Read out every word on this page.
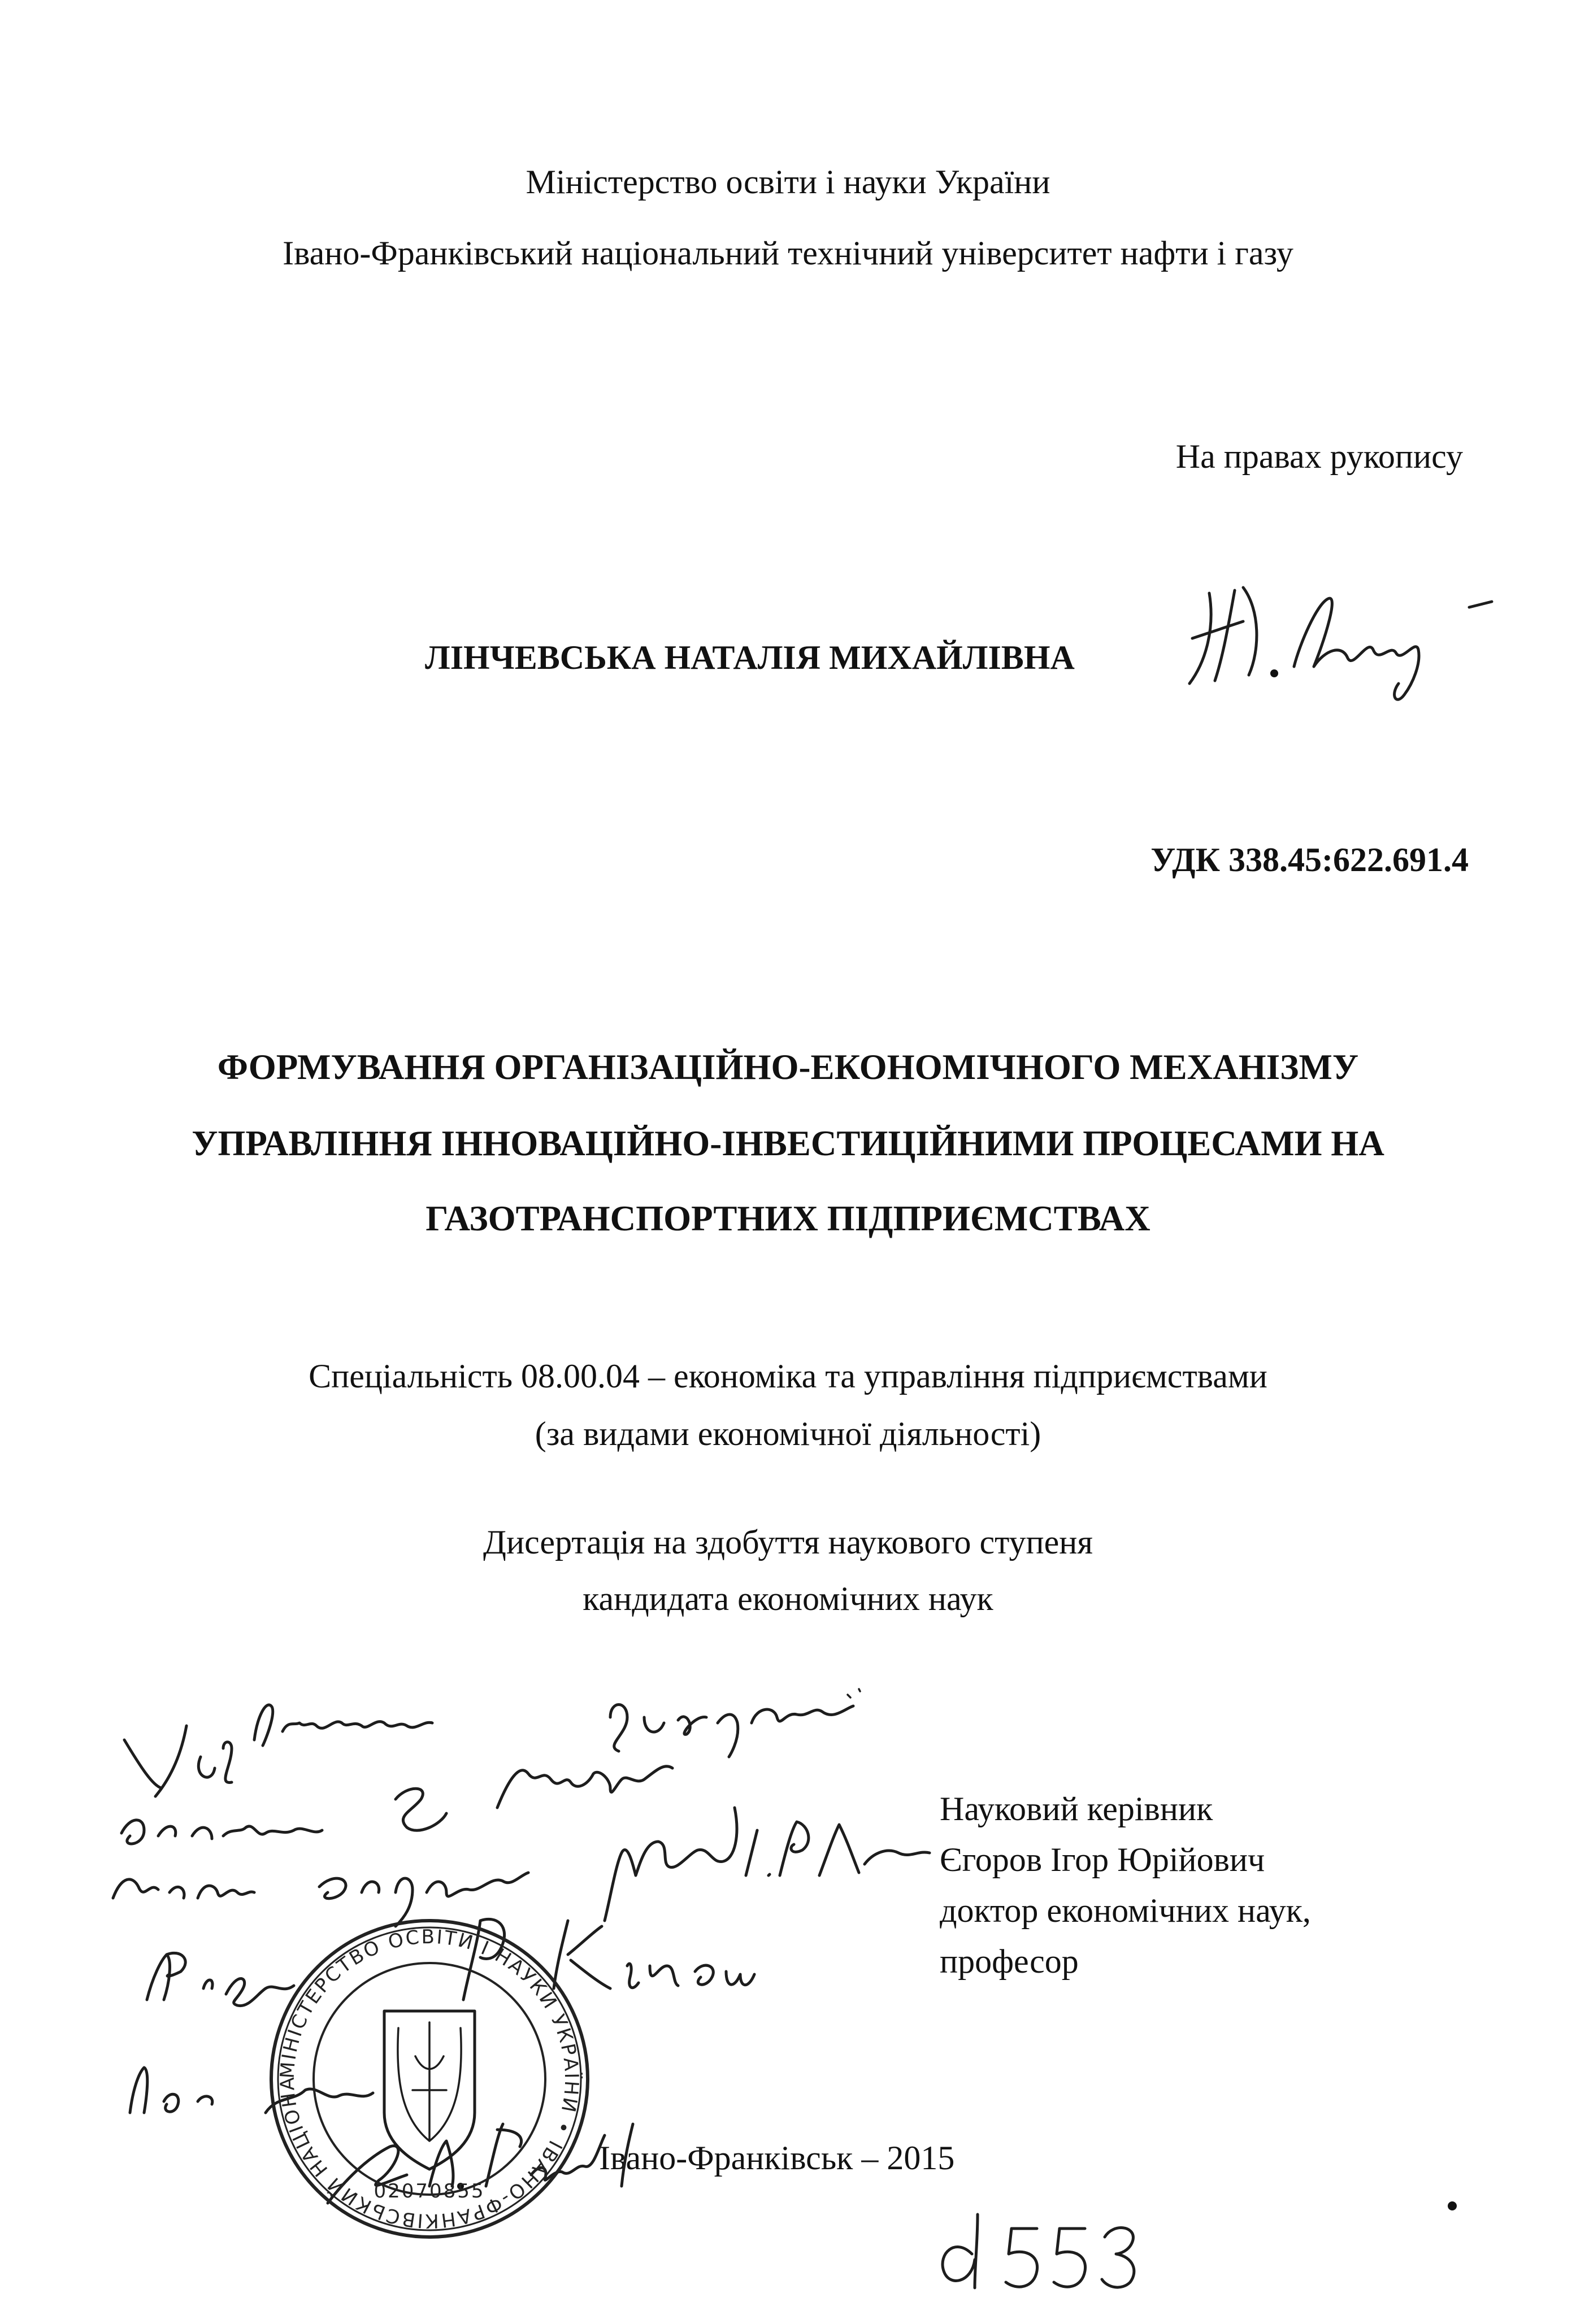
Міністерство освіти і науки України
Івано-Франківський національний технічний університет нафти і газу
На правах рукопису
ЛІНЧЕВСЬКА НАТАЛІЯ МИХАЙЛІВНА
УДК 338.45:622.691.4
ФОРМУВАННЯ ОРГАНІЗАЦІЙНО-ЕКОНОМІЧНОГО МЕХАНІЗМУ
УПРАВЛІННЯ ІННОВАЦІЙНО-ІНВЕСТИЦІЙНИМИ ПРОЦЕСАМИ НА
ГАЗОТРАНСПОРТНИХ ПІДПРИЄМСТВАХ
Спеціальність 08.00.04 – економіка та управління підприємствами
(за видами економічної діяльності)
Дисертація на здобуття наукового ступеня
кандидата економічних наук
Науковий керівник
Єгоров Ігор Юрійович
доктор економічних наук,
професор
Івано-Франківськ – 2015
МІНІСТЕРСТВО ОСВІТИ І НАУКИ УКРАЇНИ • ІВАНО-ФРАНКІВСЬКИЙ НАЦІОНАЛЬНИЙ ТЕХНІЧНИЙ УНІВЕРСИТЕТ
02070855
